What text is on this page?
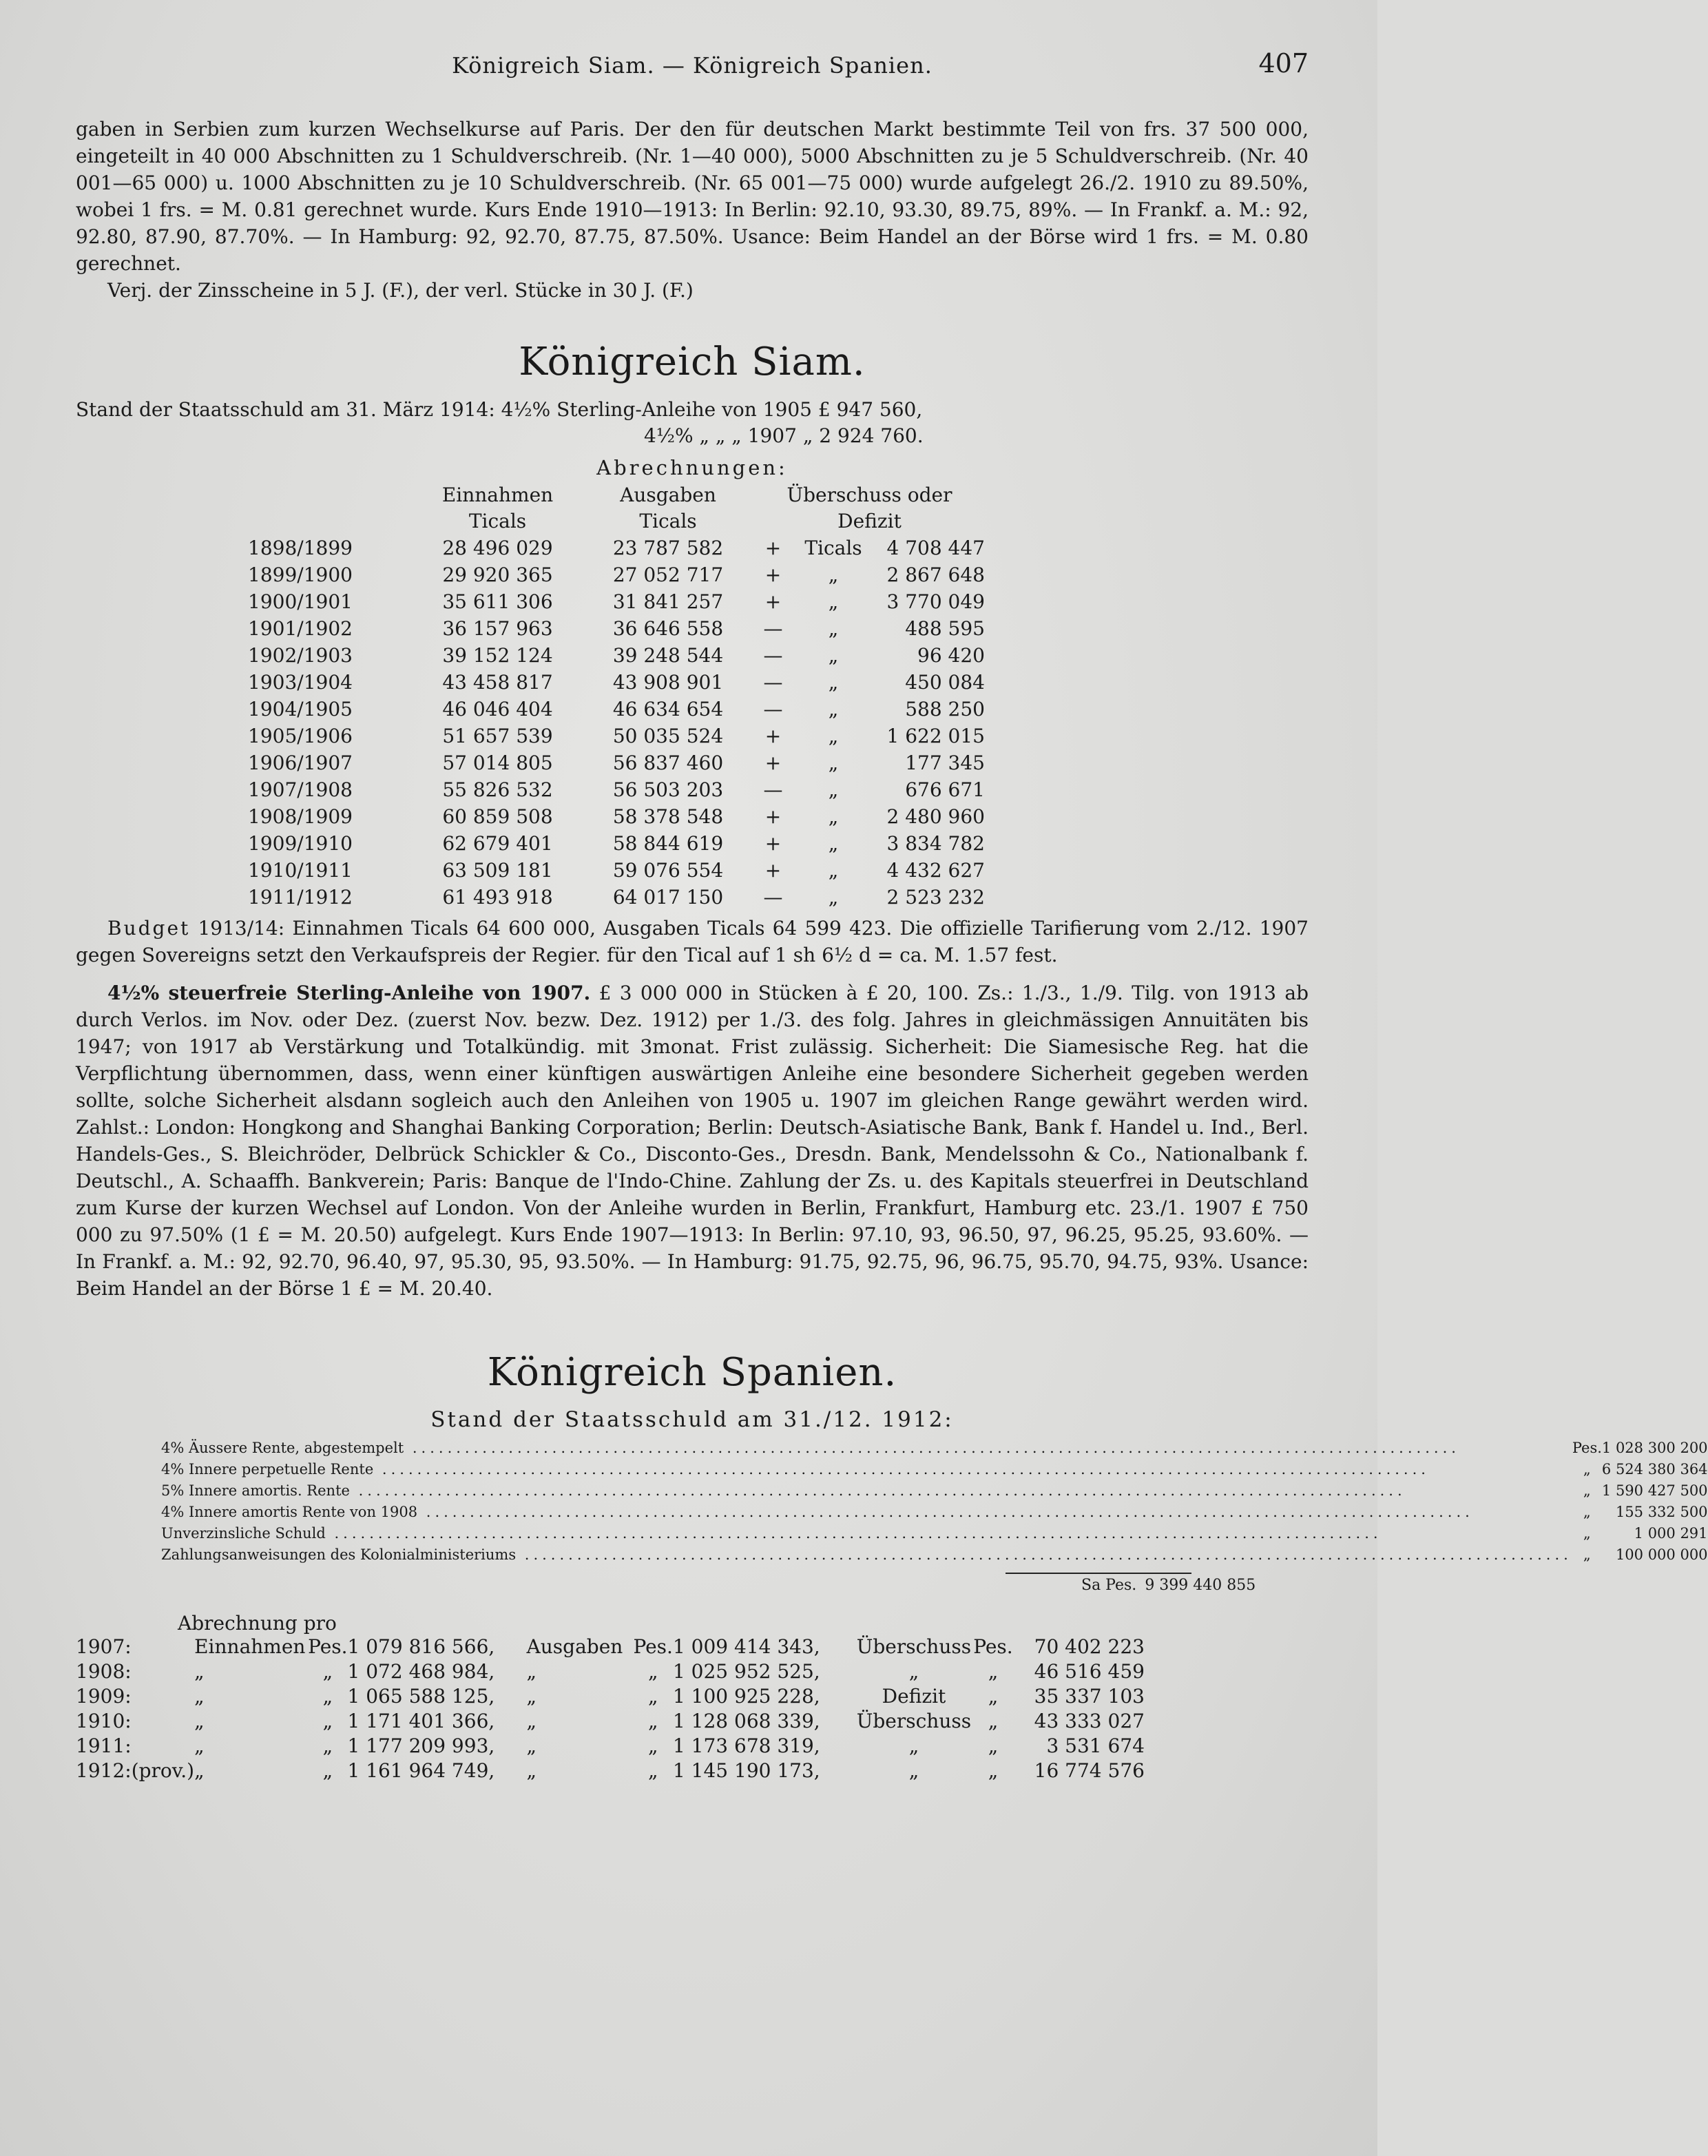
Königreich Siam. — Königreich Spanien.	407

gaben in Serbien zum kurzen Wechselkurse auf Paris. Der den für deutschen Markt bestimmte Teil von frs. 37 500 000, eingeteilt in 40 000 Abschnitten zu 1 Schuldverschreib. (Nr. 1—40 000), 5000 Abschnitten zu je 5 Schuldverschreib. (Nr. 40 001—65 000) u. 1000 Abschnitten zu je 10 Schuldverschreib. (Nr. 65 001—75 000) wurde aufgelegt 26./2. 1910 zu 89.50%, wobei 1 frs. = M. 0.81 gerechnet wurde. Kurs Ende 1910—1913: In Berlin: 92.10, 93.30, 89.75, 89%. — In Frankf. a. M.: 92, 92.80, 87.90, 87.70%. — In Hamburg: 92, 92.70, 87.75, 87.50%. Usance: Beim Handel an der Börse wird 1 frs. = M. 0.80 gerechnet.

Verj. der Zinsscheine in 5 J. (F.), der verl. Stücke in 30 J. (F.)

Königreich Siam.
Stand der Staatsschuld am 31. März 1914: 4½% Sterling-Anleihe von 1905 £ 947 560,
4½% „ „ „ 1907 „ 2 924 760.
Abrechnungen:
	Einnahmen	Ausgaben	Überschuss oder		
	Ticals	Ticals	Defizit		
1898/1899	28 496 029	23 787 582	+	Ticals	4 708 447
1899/1900	29 920 365	27 052 717	+	„	2 867 648
1900/1901	35 611 306	31 841 257	+	„	3 770 049
1901/1902	36 157 963	36 646 558	—	„	488 595
1902/1903	39 152 124	39 248 544	—	„	96 420
1903/1904	43 458 817	43 908 901	—	„	450 084
1904/1905	46 046 404	46 634 654	—	„	588 250
1905/1906	51 657 539	50 035 524	+	„	1 622 015
1906/1907	57 014 805	56 837 460	+	„	177 345
1907/1908	55 826 532	56 503 203	—	„	676 671
1908/1909	60 859 508	58 378 548	+	„	2 480 960
1909/1910	62 679 401	58 844 619	+	„	3 834 782
1910/1911	63 509 181	59 076 554	+	„	4 432 627
1911/1912	61 493 918	64 017 150	—	„	2 523 232

Budget 1913/14: Einnahmen Ticals 64 600 000, Ausgaben Ticals 64 599 423. Die offizielle Tarifierung vom 2./12. 1907 gegen Sovereigns setzt den Verkaufspreis der Regier. für den Tical auf 1 sh 6½ d = ca. M. 1.57 fest.

4½% steuerfreie Sterling-Anleihe von 1907. £ 3 000 000 in Stücken à £ 20, 100. Zs.: 1./3., 1./9. Tilg. von 1913 ab durch Verlos. im Nov. oder Dez. (zuerst Nov. bezw. Dez. 1912) per 1./3. des folg. Jahres in gleichmässigen Annuitäten bis 1947; von 1917 ab Verstärkung und Totalkündig. mit 3monat. Frist zulässig. Sicherheit: Die Siamesische Reg. hat die Verpflichtung übernommen, dass, wenn einer künftigen auswärtigen Anleihe eine besondere Sicherheit gegeben werden sollte, solche Sicherheit alsdann sogleich auch den Anleihen von 1905 u. 1907 im gleichen Range gewährt werden wird. Zahlst.: London: Hongkong and Shanghai Banking Corporation; Berlin: Deutsch-Asiatische Bank, Bank f. Handel u. Ind., Berl. Handels-Ges., S. Bleichröder, Delbrück Schickler & Co., Disconto-Ges., Dresdn. Bank, Mendelssohn & Co., Nationalbank f. Deutschl., A. Schaaffh. Bankverein; Paris: Banque de l'Indo-Chine. Zahlung der Zs. u. des Kapitals steuerfrei in Deutschland zum Kurse der kurzen Wechsel auf London. Von der Anleihe wurden in Berlin, Frankfurt, Hamburg etc. 23./1. 1907 £ 750 000 zu 97.50% (1 £ = M. 20.50) aufgelegt. Kurs Ende 1907—1913: In Berlin: 97.10, 93, 96.50, 97, 96.25, 95.25, 93.60%. — In Frankf. a. M.: 92, 92.70, 96.40, 97, 95.30, 95, 93.50%. — In Hamburg: 91.75, 92.75, 96, 96.75, 95.70, 94.75, 93%. Usance: Beim Handel an der Börse 1 £ = M. 20.40.

Königreich Spanien.
Stand der Staatsschuld am 31./12. 1912:
4% Äussere Rente, abgestempelt ........................................................................................................................	Pes.	1 028 300 200
4% Innere perpetuelle Rente ........................................................................................................................	„	6 524 380 364
5% Innere amortis. Rente ........................................................................................................................	„	1 590 427 500
4% Innere amortis Rente von 1908 ........................................................................................................................	„	155 332 500
Unverzinsliche Schuld ........................................................................................................................	„	1 000 291
Zahlungsanweisungen des Kolonialministeriums ........................................................................................................................	„	100 000 000
Sa Pes. 9 399 440 855
Abrechnung pro
1907:	Einnahmen	Pes.	1 079 816 566,	Ausgaben	Pes.	1 009 414 343,	Überschuss	Pes.	70 402 223
1908:	„	„	1 072 468 984,	„	„	1 025 952 525,	„	„	46 516 459
1909:	„	„	1 065 588 125,	„	„	1 100 925 228,	Defizit	„	35 337 103
1910:	„	„	1 171 401 366,	„	„	1 128 068 339,	Überschuss	„	43 333 027
1911:	„	„	1 177 209 993,	„	„	1 173 678 319,	„	„	3 531 674
1912:(prov.)	„	„	1 161 964 749,	„	„	1 145 190 173,	„	„	16 774 576
